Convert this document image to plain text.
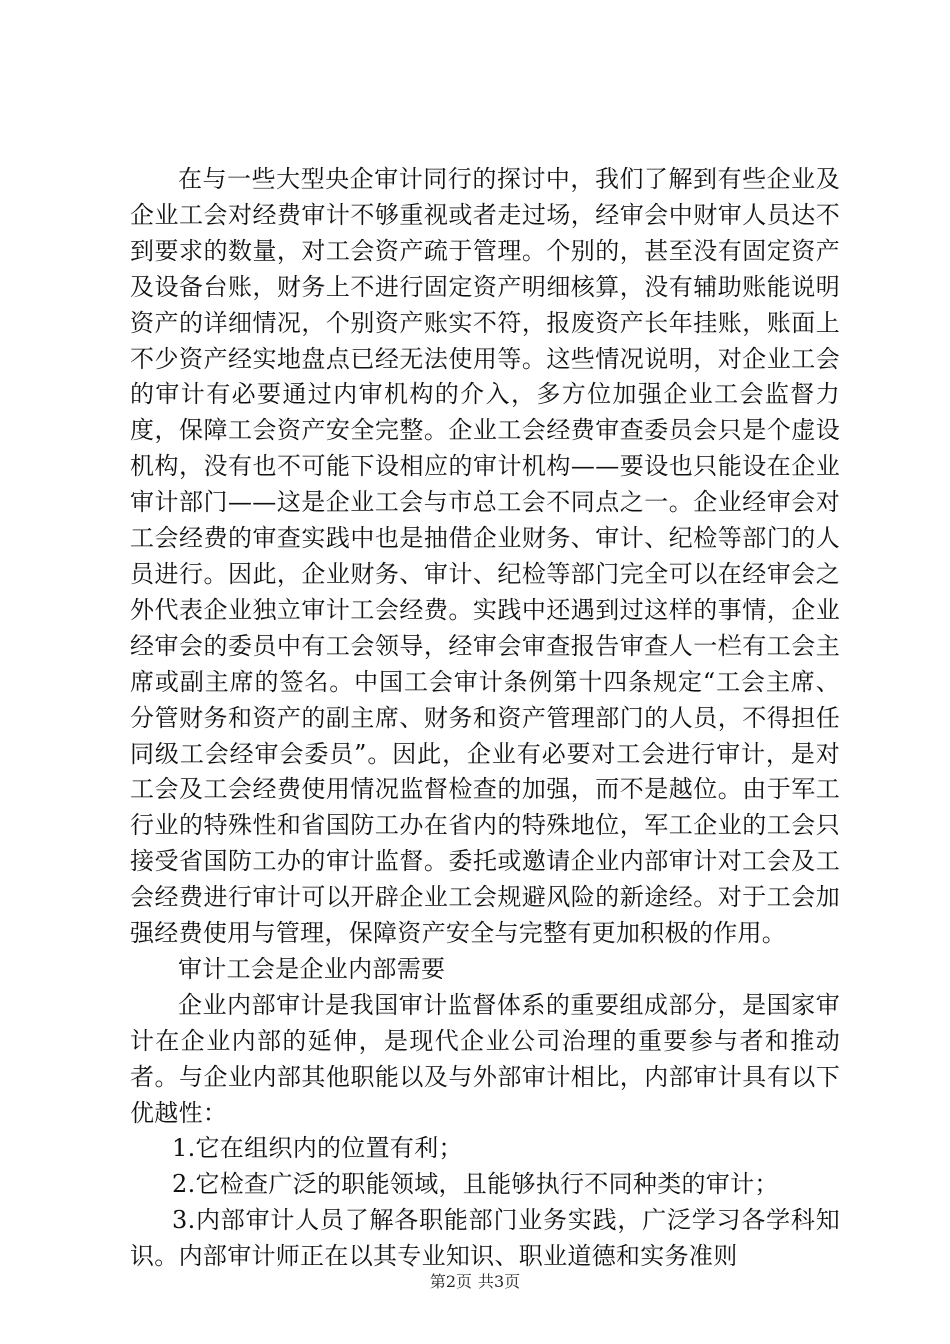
在与一些大型央企审计同行的探讨中，我们了解到有些企业及企业工会对经费审计不够重视或者走过场，经审会中财审人员达不到要求的数量，对工会资产疏于管理。个别的，甚至没有固定资产及设备台账，财务上不进行固定资产明细核算，没有辅助账能说明资产的详细情况，个别资产账实不符，报废资产长年挂账，账面上不少资产经实地盘点已经无法使用等。这些情况说明，对企业工会的审计有必要通过内审机构的介入，多方位加强企业工会监督力度，保障工会资产安全完整。企业工会经费审查委员会只是个虚设机构，没有也不可能下设相应的审计机构——要设也只能设在企业审计部门——这是企业工会与市总工会不同点之一。企业经审会对工会经费的审查实践中也是抽借企业财务、审计、纪检等部门的人员进行。因此，企业财务、审计、纪检等部门完全可以在经审会之外代表企业独立审计工会经费。实践中还遇到过这样的事情，企业经审会的委员中有工会领导，经审会审查报告审查人一栏有工会主席或副主席的签名。中国工会审计条例第十四条规定“工会主席、分管财务和资产的副主席、财务和资产管理部门的人员，不得担任同级工会经审会委员”。因此，企业有必要对工会进行审计，是对工会及工会经费使用情况监督检查的加强，而不是越位。由于军工行业的特殊性和省国防工办在省内的特殊地位，军工企业的工会只接受省国防工办的审计监督。委托或邀请企业内部审计对工会及工会经费进行审计可以开辟企业工会规避风险的新途经。对于工会加强经费使用与管理，保障资产安全与完整有更加积极的作用。

审计工会是企业内部需要

企业内部审计是我国审计监督体系的重要组成部分，是国家审计在企业内部的延伸，是现代企业公司治理的重要参与者和推动者。与企业内部其他职能以及与外部审计相比，内部审计具有以下优越性：

1.它在组织内的位置有利；

2.它检查广泛的职能领域，且能够执行不同种类的审计；

3.内部审计人员了解各职能部门业务实践，广泛学习各学科知识。内部审计师正在以其专业知识、职业道德和实务准则

第2页 共3页
